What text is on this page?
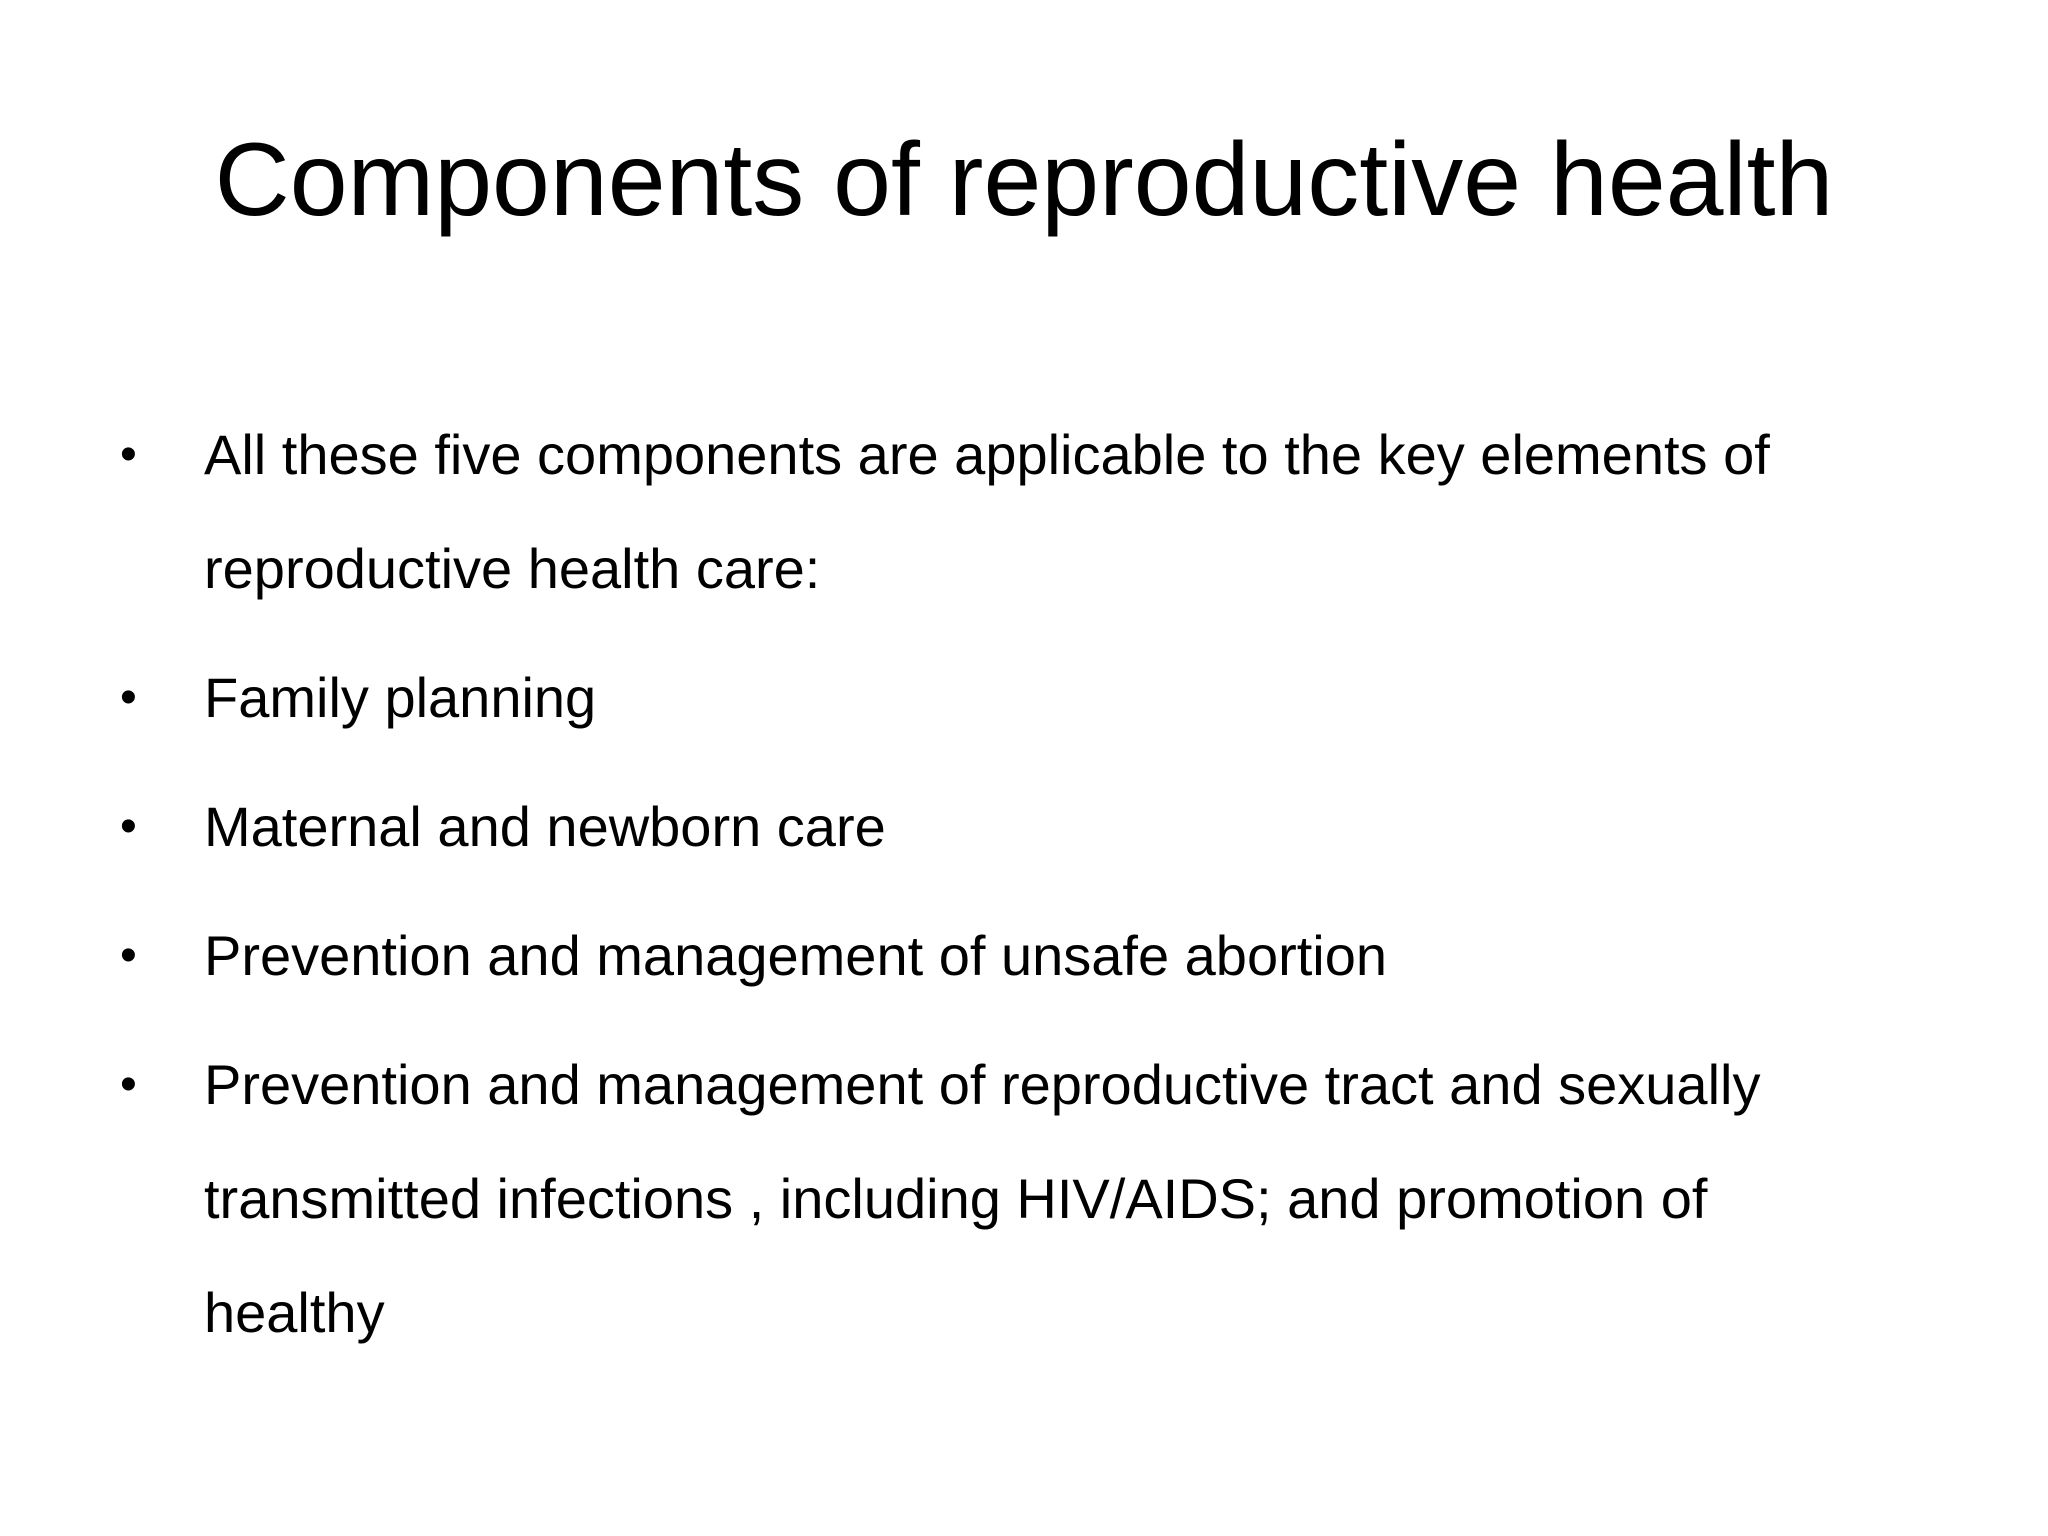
Components of reproductive health
•	All these five components are applicable to the key elements of reproductive health care:
•	Family planning
•	Maternal and newborn care
•	Prevention and management of unsafe abortion
•	Prevention and management of reproductive tract and sexually transmitted infections , including HIV/AIDS; and promotion of healthy
